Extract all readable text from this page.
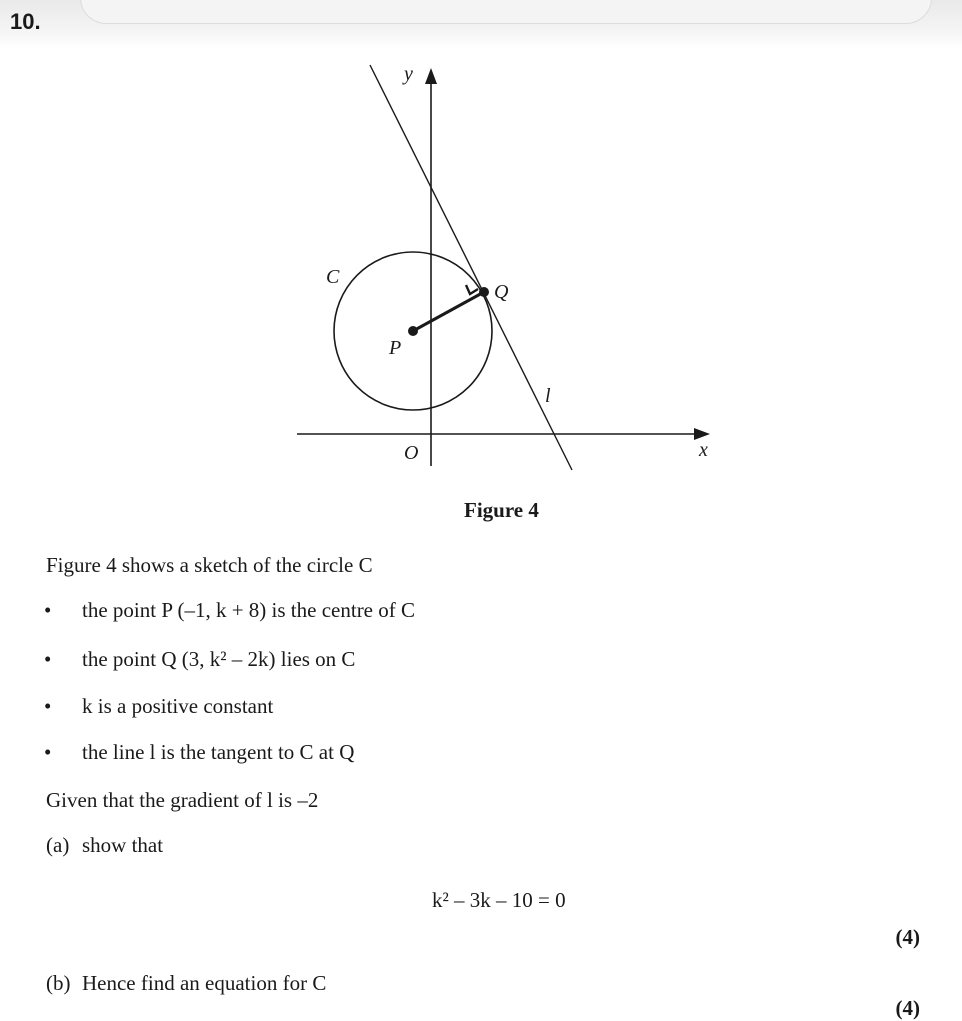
10.
y
x
O
C
P
Q
l
Figure 4
Figure 4 shows a sketch of the circle C
• the point P (–1, k + 8) is the centre of C
• the point Q (3, k² – 2k) lies on C
• k is a positive constant
• the line l is the tangent to C at Q
Given that the gradient of l is –2
(a) show that
k² – 3k – 10 = 0
(4)
(b) Hence find an equation for C
(4)
